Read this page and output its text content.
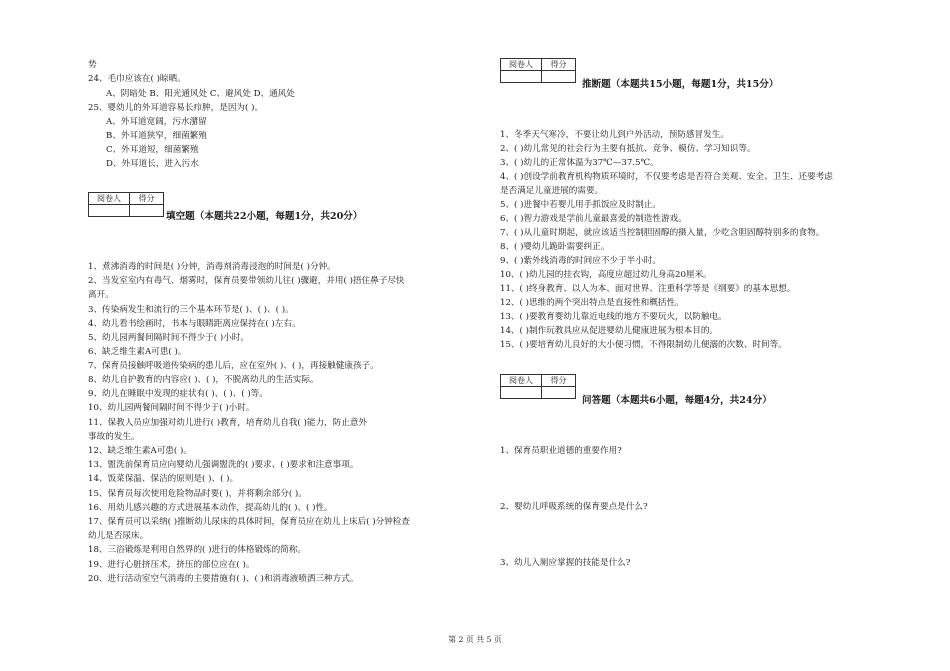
势
24、毛巾应该在( )晾晒。
A、阴暗处 B、阳光通风处 C、避风处 D、通风处
25、婴幼儿的外耳道容易长疖肿，是因为( )。
A、外耳道宽阔，污水潴留
B、外耳道狭窄，细菌繁殖
C、外耳道短，细菌繁殖
D、外耳道长，进入污水
阅卷人	得分

填空题（本题共22小题，每题1分，共20分）
1、煮沸消毒的时间是( )分钟，消毒剂消毒浸泡的时间是( )分钟。
2、当发室室内有毒气、烟雾时，保育员要带领幼儿往( )骤避，并用( )捂住鼻子尽快
离开。
3、传染病发生和流行的三个基本环节是( )、( )、( )。
4、幼儿看书绘画时，书本与眼睛距离应保持在( )左右。
5、幼儿园两餐间隔时间不得少于( )小时。
6、缺乏维生素A可患( )。
7、保育员接触呼吸道传染病的患儿后，应在室外( )、( )，再接触健康孩子。
8、幼儿自护教育的内容应( )、( )，不脱离幼儿的生活实际。
9、幼儿在睡眠中发现的症状有( )、( )、( )等。
10、幼儿园两餐间隔时间不得少于( )小时。
11、保教人员应加强对幼儿进行( )教育，培育幼儿自我( )能力，防止意外
事故的发生。
12、缺乏维生素A可患( )。
13、盥洗前保育员应向婴幼儿强调盥洗的( )要求、( )要求和注意事项。
14、饭菜保温、保洁的原则是( )、( )。
15、保育员每次使用危险物品时要( )，并将剩余部分( )。
16、用幼儿感兴趣的方式进展基本动作，提高幼儿的( )、( )性。
17、保育员可以采纳( )推断幼儿尿床的具体时间，保育员应在幼儿上床后( )分钟检查
幼儿是否尿床。
18、三浴锻炼是利用自然界的( )进行的体格锻炼的简称。
19、进行心脏挤压术，挤压的部位应在( )。
20、进行活动室空气消毒的主要措施有( )、( )和消毒液喷洒三种方式。
阅卷人	得分

推断题（本题共15小题，每题1分，共15分）
1、冬季天气寒冷，不要让幼儿到户外活动，预防感冒发生。
2、( )幼儿常见的社会行为主要有抵抗、竞争、模仿、学习知识等。
3、( )幼儿的正常体温为37℃—37.5℃。
4、( )创设学前教育机构物质环境时，不仅要考虑是否符合美观、安全、卫生、还要考虑
是否满足儿童进展的需要。
5、( )进餐中若婴儿用手抓饭应及时制止。
6、( )智力游戏是学前儿童最喜爱的制造性游戏。
7、( )从儿童时期起，就应该适当控制胆固醇的摄入量，少吃含胆固醇特别多的食物。
8、( )婴幼儿跪卧需要纠正。
9、( )紫外线消毒的时间应不少于半小时。
10、( )幼儿园的挂衣钩，高度应超过幼儿身高20厘米。
11、( )终身教育、以人为本、面对世界、注重科学等是《纲要》的基本思想。
12、( )思维的两个突出特点是直接性和概括性。
13、( )要教育婴幼儿靠近电线的地方不要玩火，以防触电。
14、( )制作玩教具应从促进婴幼儿健康进展为根本目的。
15、( )要培育幼儿良好的大小便习惯，不得限制幼儿便溺的次数、时间等。
阅卷人	得分

问答题（本题共6小题，每题4分，共24分）
1、保育员职业道德的重要作用?
2、婴幼儿呼吸系统的保育要点是什么?
3、幼儿入厕应掌握的技能是什么?
第 2 页 共 5 页
